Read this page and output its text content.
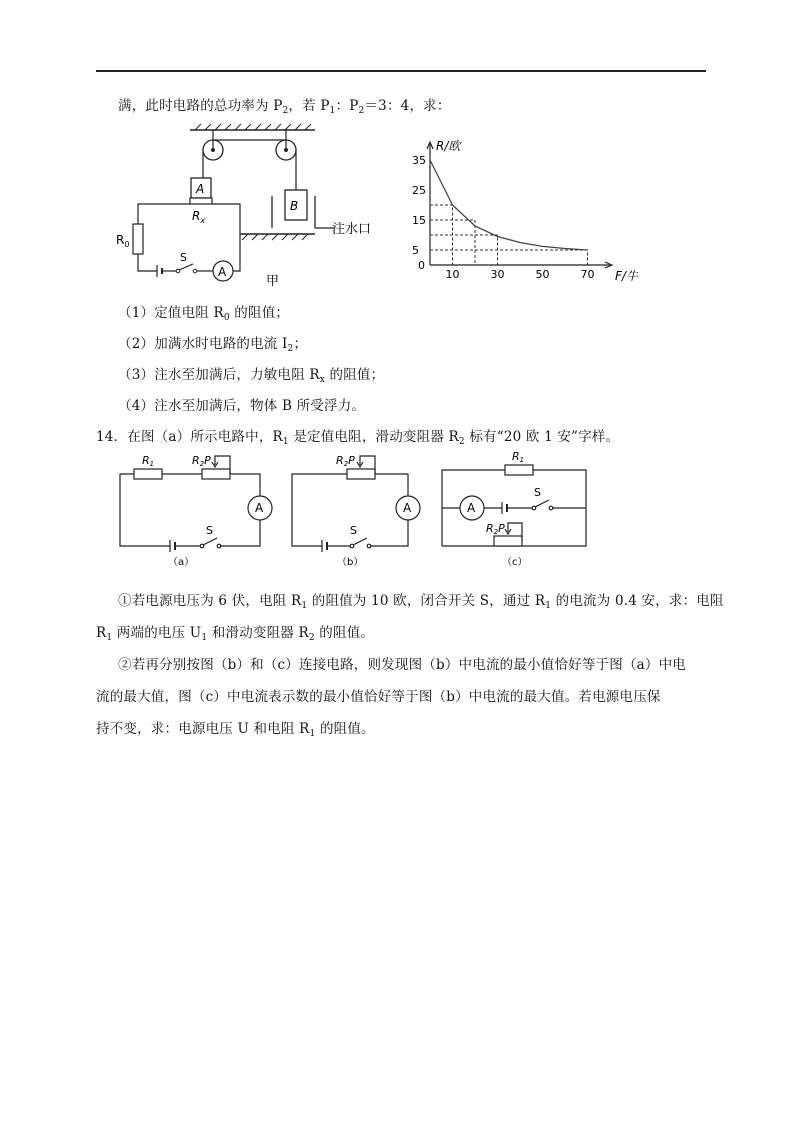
满，此时电路的总功率为 $P_2$，若 $P_1$：$P_2=3$：4，求：
A
$R_x$
B
注水口
$R_0$
S
A
甲
R/欧
F/牛
10	30	50	70
0
5
15
25
35
（1）定值电阻 $R_0$ 的阻值；
（2）加满水时电路的电流 $I_2$；
（3）注水至加满后，力敏电阻 $R_x$ 的阻值；
（4）注水至加满后，物体 B 所受浮力。
14．在图（a）所示电路中，$R_1$ 是定值电阻，滑动变阻器 $R_2$ 标有“20 欧 1 安”字样。
R1	R2P
A
S
（a）
R2P
A
S
（b）
R1
R2P
A
S
（c）
①若电源电压为 6 伏，电阻 $R_1$ 的阻值为 10 欧，闭合开关 S，通过 $R_1$ 的电流为 0.4 安，求：电阻
$R_1$ 两端的电压 $U_1$ 和滑动变阻器 $R_2$ 的阻值。
②若再分别按图（b）和（c）连接电路，则发现图（b）中电流的最小值恰好等于图（a）中电
流的最大值，图（c）中电流表示数的最小值恰好等于图（b）中电流的最大值。若电源电压保
持不变，求：电源电压 U 和电阻 $R_1$ 的阻值。
